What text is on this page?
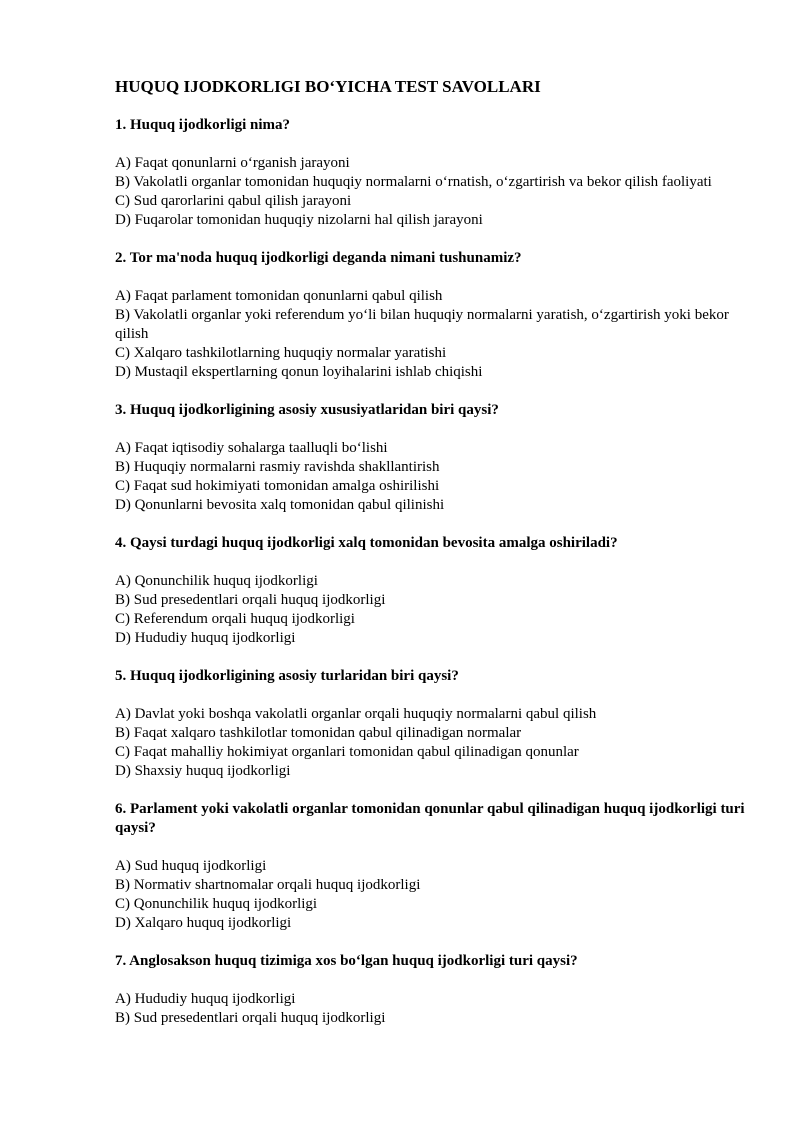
HUQUQ IJODKORLIGI BOʻYICHA TEST SAVOLLARI
1. Huquq ijodkorligi nima?
A) Faqat qonunlarni oʻrganish jarayoni
B) Vakolatli organlar tomonidan huquqiy normalarni oʻrnatish, oʻzgartirish va bekor qilish faoliyati
C) Sud qarorlarini qabul qilish jarayoni
D) Fuqarolar tomonidan huquqiy nizolarni hal qilish jarayoni
2. Tor ma'noda huquq ijodkorligi deganda nimani tushunamiz?
A) Faqat parlament tomonidan qonunlarni qabul qilish
B) Vakolatli organlar yoki referendum yoʻli bilan huquqiy normalarni yaratish, oʻzgartirish yoki bekor qilish
C) Xalqaro tashkilotlarning huquqiy normalar yaratishi
D) Mustaqil ekspertlarning qonun loyihalarini ishlab chiqishi
3. Huquq ijodkorligining asosiy xususiyatlaridan biri qaysi?
A) Faqat iqtisodiy sohalarga taalluqli boʻlishi
B) Huquqiy normalarni rasmiy ravishda shakllantirish
C) Faqat sud hokimiyati tomonidan amalga oshirilishi
D) Qonunlarni bevosita xalq tomonidan qabul qilinishi
4. Qaysi turdagi huquq ijodkorligi xalq tomonidan bevosita amalga oshiriladi?
A) Qonunchilik huquq ijodkorligi
B) Sud presedentlari orqali huquq ijodkorligi
C) Referendum orqali huquq ijodkorligi
D) Hududiy huquq ijodkorligi
5. Huquq ijodkorligining asosiy turlaridan biri qaysi?
A) Davlat yoki boshqa vakolatli organlar orqali huquqiy normalarni qabul qilish
B) Faqat xalqaro tashkilotlar tomonidan qabul qilinadigan normalar
C) Faqat mahalliy hokimiyat organlari tomonidan qabul qilinadigan qonunlar
D) Shaxsiy huquq ijodkorligi
6. Parlament yoki vakolatli organlar tomonidan qonunlar qabul qilinadigan huquq ijodkorligi turi qaysi?
A) Sud huquq ijodkorligi
B) Normativ shartnomalar orqali huquq ijodkorligi
C) Qonunchilik huquq ijodkorligi
D) Xalqaro huquq ijodkorligi
7. Anglosakson huquq tizimiga xos boʻlgan huquq ijodkorligi turi qaysi?
A) Hududiy huquq ijodkorligi
B) Sud presedentlari orqali huquq ijodkorligi
